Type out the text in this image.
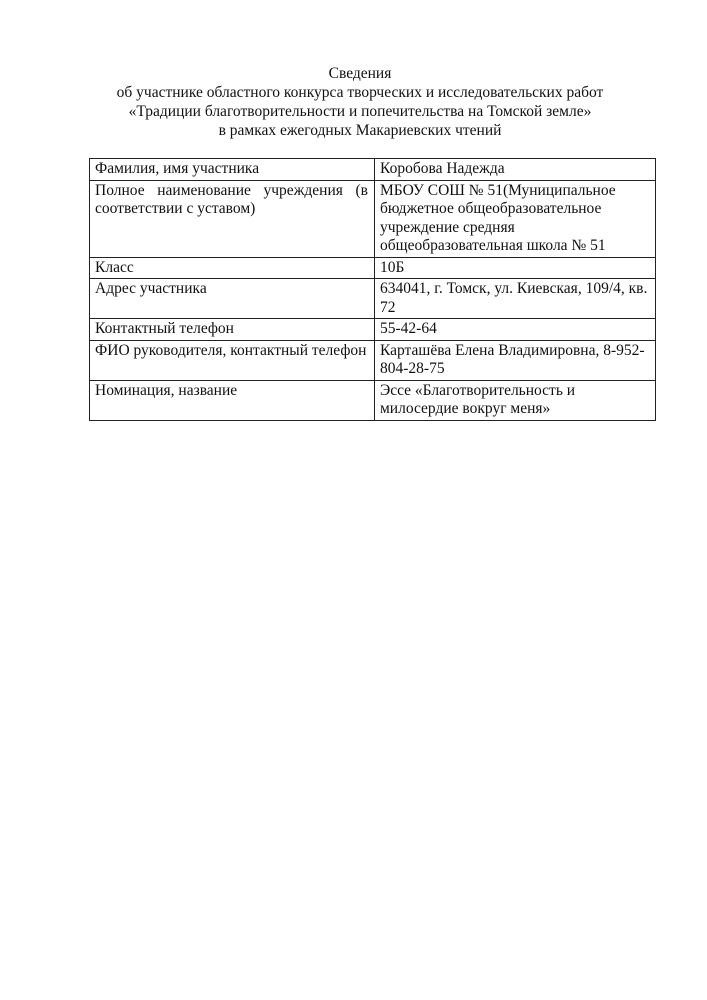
Сведения
об участнике областного конкурса творческих и исследовательских работ
«Традиции благотворительности и попечительства на Томской земле»
в рамках ежегодных Макариевских чтений
Фамилия, имя участника	Коробова Надежда
Полное наименование учреждения (в соответствии с уставом)	МБОУ СОШ № 51(Муниципальное бюджетное общеобразовательное учреждение средняя общеобразовательная школа № 51
Класс	10Б
Адрес участника	634041, г. Томск, ул. Киевская, 109/4, кв. 72
Контактный телефон	55-42-64
ФИО руководителя, контактный телефон	Карташёва Елена Владимировна, 8-952-804-28-75
Номинация, название	Эссе «Благотворительность и милосердие вокруг меня»
